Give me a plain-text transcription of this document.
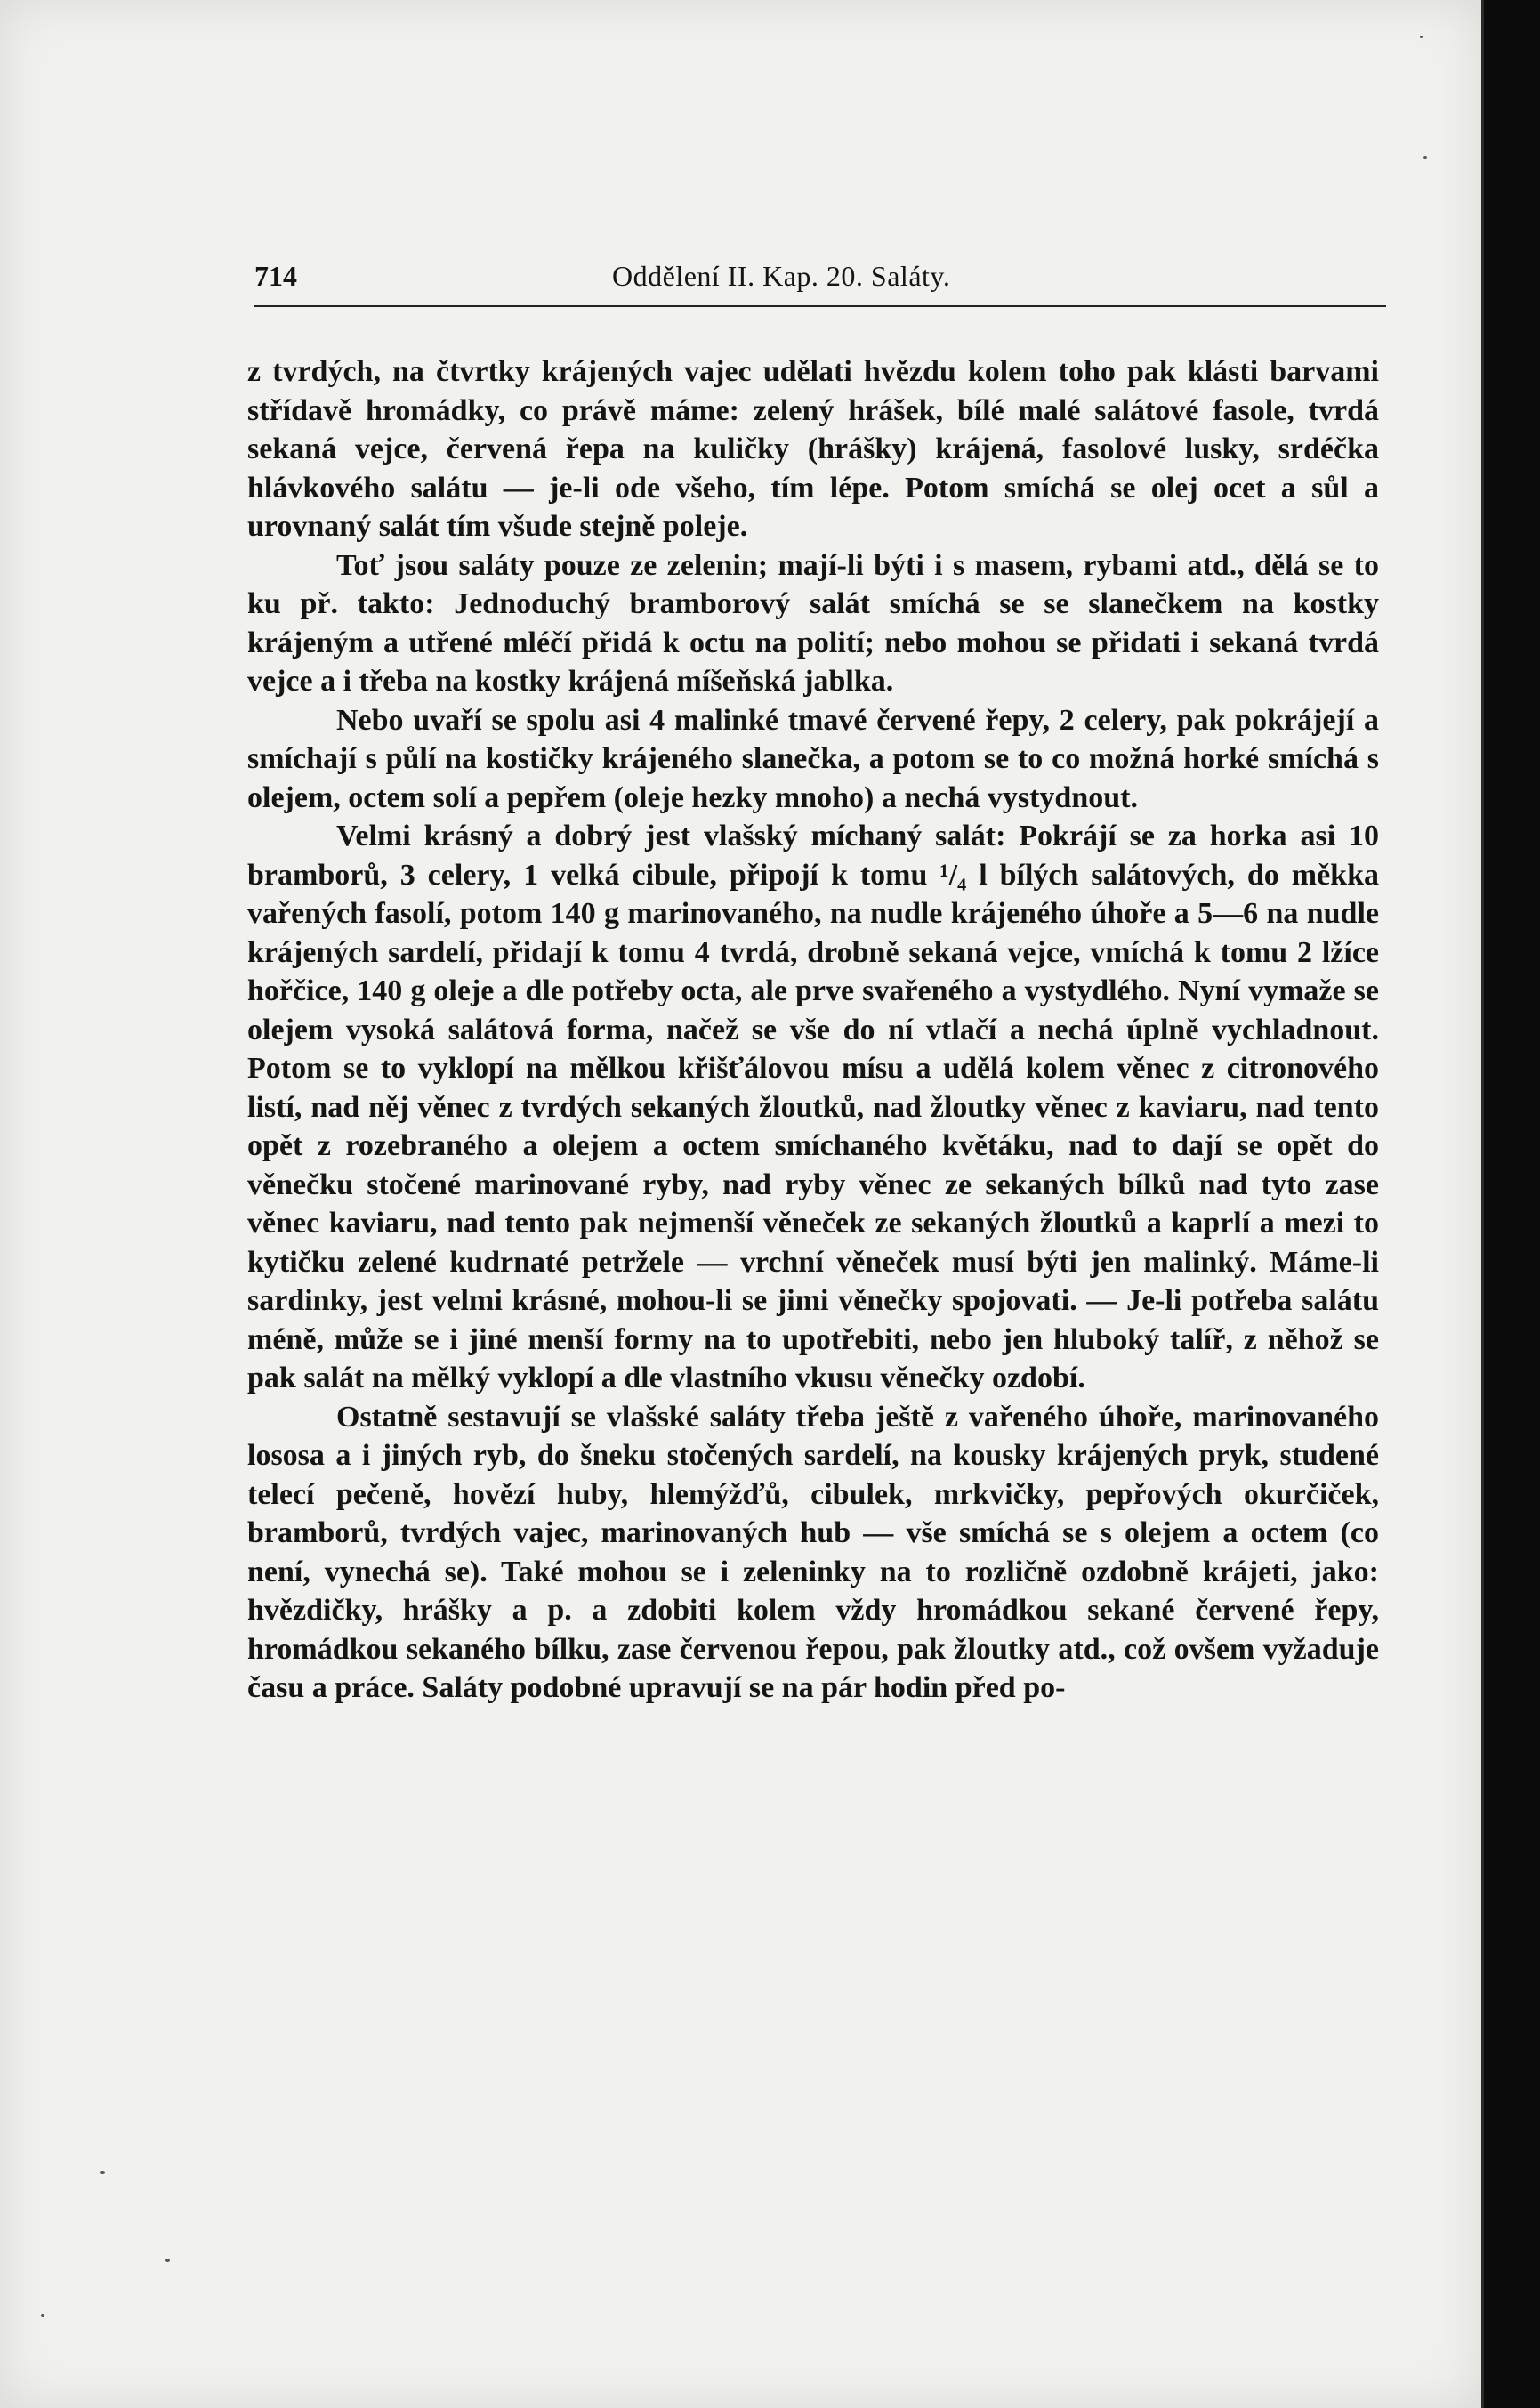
714	Oddělení II. Kap. 20. Saláty.

z tvrdých, na čtvrtky krájených vajec udělati hvězdu kolem toho pak klásti barvami střídavě hromádky, co právě máme: zelený hrášek, bílé malé salátové fasole, tvrdá sekaná vejce, červená řepa na kuličky (hrášky) krájená, fasolové lusky, srdéčka hlávkového salátu — je-li ode všeho, tím lépe. Potom smíchá se olej ocet a sůl a urovnaný salát tím všude stejně poleje.

Toť jsou saláty pouze ze zelenin; mají-li býti i s masem, rybami atd., dělá se to ku př. takto: Jednoduchý bramborový salát smíchá se se slanečkem na kostky krájeným a utřené mléčí přidá k octu na polití; nebo mohou se přidati i sekaná tvrdá vejce a i třeba na kostky krájená míšeňská jablka.

Nebo uvaří se spolu asi 4 malinké tmavé červené řepy, 2 celery, pak pokrájejí a smíchají s půlí na kostičky krájeného slanečka, a potom se to co možná horké smíchá s olejem, octem solí a pepřem (oleje hezky mnoho) a nechá vystydnout.

Velmi krásný a dobrý jest vlašský míchaný salát: Pokrájí se za horka asi 10 bramborů, 3 celery, 1 velká cibule, připojí k tomu ¹/₄ l bílých salátových, do měkka vařených fasolí, potom 140 g marinovaného, na nudle krájeného úhoře a 5—6 na nudle krájených sardelí, přidají k tomu 4 tvrdá, drobně sekaná vejce, vmíchá k tomu 2 lžíce hořčice, 140 g oleje a dle potřeby octa, ale prve svařeného a vystydlého. Nyní vymaže se olejem vysoká salátová forma, načež se vše do ní vtlačí a nechá úplně vychladnout. Potom se to vyklopí na mělkou křišťálovou mísu a udělá kolem věnec z citronového listí, nad něj věnec z tvrdých sekaných žloutků, nad žloutky věnec z kaviaru, nad tento opět z rozebraného a olejem a octem smíchaného květáku, nad to dají se opět do věnečku stočené marinované ryby, nad ryby věnec ze sekaných bílků nad tyto zase věnec kaviaru, nad tento pak nejmenší věneček ze sekaných žloutků a kaprlí a mezi to kytičku zelené kudrnaté petržele — vrchní věneček musí býti jen malinký. Máme-li sardinky, jest velmi krásné, mohou-li se jimi věnečky spojovati. — Je-li potřeba salátu méně, může se i jiné menší formy na to upotřebiti, nebo jen hluboký talíř, z něhož se pak salát na mělký vyklopí a dle vlastního vkusu věnečky ozdobí.

Ostatně sestavují se vlašské saláty třeba ještě z vařeného úhoře, marinovaného lososa a i jiných ryb, do šneku stočených sardelí, na kousky krájených pryk, studené telecí pečeně, hovězí huby, hlemýžďů, cibulek, mrkvičky, pepřových okurčiček, bramborů, tvrdých vajec, marinovaných hub — vše smíchá se s olejem a octem (co není, vynechá se). Také mohou se i zeleninky na to rozličně ozdobně krájeti, jako: hvězdičky, hrášky a p. a zdobiti kolem vždy hromádkou sekané červené řepy, hromádkou sekaného bílku, zase červenou řepou, pak žloutky atd., což ovšem vyžaduje času a práce. Saláty podobné upravují se na pár hodin před po-
